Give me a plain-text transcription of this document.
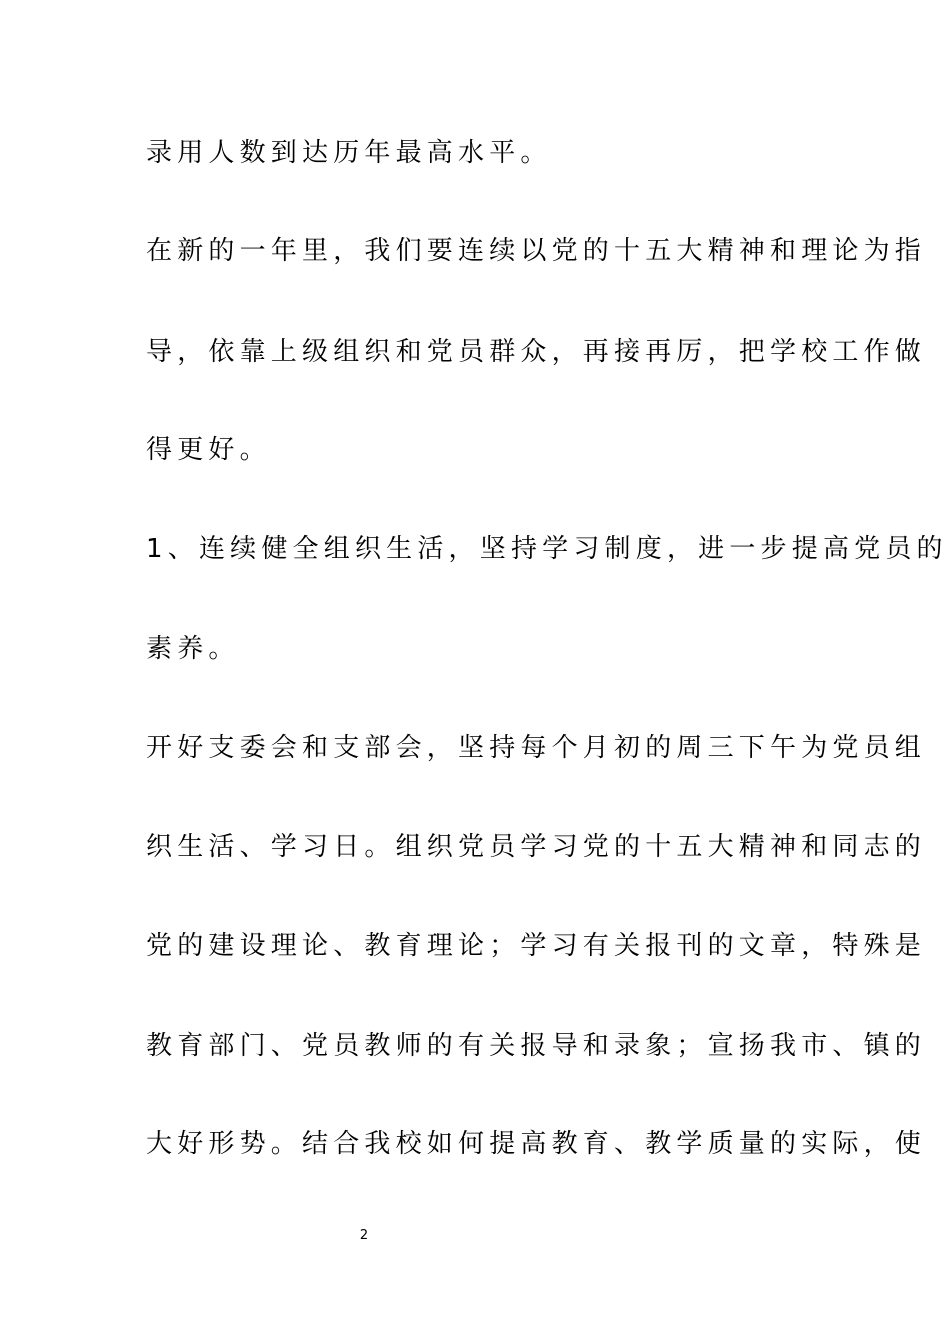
录用人数到达历年最高水平。
在新的一年里，我们要连续以党的十五大精神和理论为指
导，依靠上级组织和党员群众，再接再厉，把学校工作做
得更好。
1、连续健全组织生活，坚持学习制度，进一步提高党员的
素养。
开好支委会和支部会，坚持每个月初的周三下午为党员组
织生活、学习日。组织党员学习党的十五大精神和同志的
党的建设理论、教育理论；学习有关报刊的文章，特殊是
教育部门、党员教师的有关报导和录象；宣扬我市、镇的
大好形势。结合我校如何提高教育、教学质量的实际，使
2
